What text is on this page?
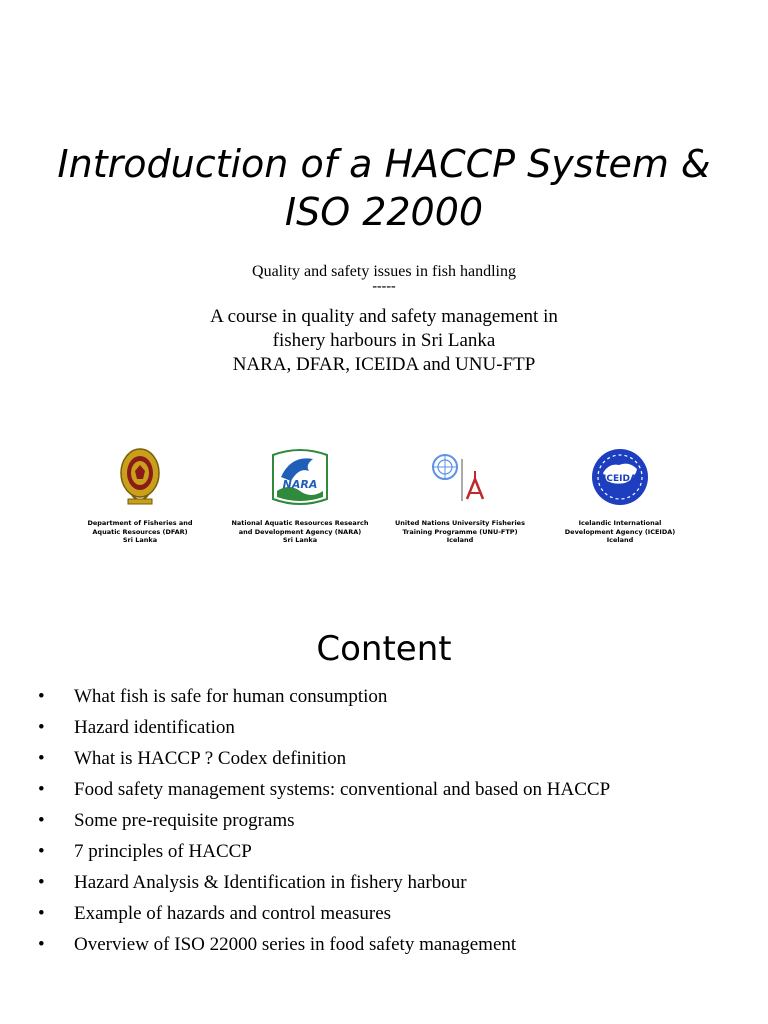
Introduction of a HACCP System &
ISO 22000
Quality and safety issues in fish handling
-----
A course in quality and safety management in
fishery harbours in Sri Lanka
NARA, DFAR, ICEIDA and UNU-FTP
Department of Fisheries and
Aquatic Resources (DFAR)
Sri Lanka
NARA
National Aquatic Resources Research
and Development Agency (NARA)
Sri Lanka
United Nations University Fisheries
Training Programme (UNU-FTP)
Iceland
ICEIDA
Icelandic International
Development Agency (ICEIDA)
Iceland
Content
• What fish is safe for human consumption
• Hazard identification
• What is HACCP ? Codex definition
• Food safety management systems: conventional and based on HACCP
• Some pre-requisite programs
• 7 principles of HACCP
• Hazard Analysis & Identification in fishery harbour
• Example of hazards and control measures
• Overview of ISO 22000 series in food safety management
